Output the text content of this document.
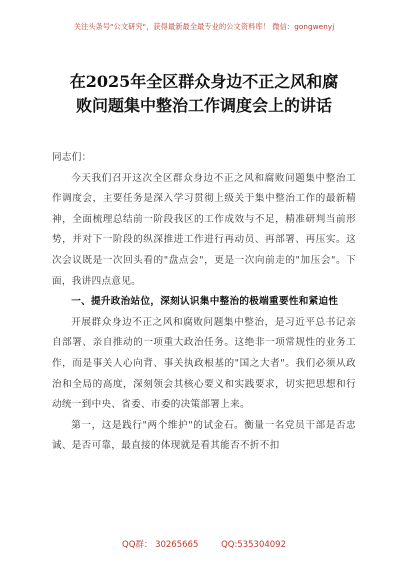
关注头条号"公文研究"，获得最新最全最专业的公文资料库！ 微信：gongwenyj
在2025年全区群众身边不正之风和腐
败问题集中整治工作调度会上的讲话

同志们：

今天我们召开这次全区群众身边不正之风和腐败问题集中整治工作调度会，主要任务是深入学习贯彻上级关于集中整治工作的最新精神，全面梳理总结前一阶段我区的工作成效与不足，精准研判当前形势，并对下一阶段的纵深推进工作进行再动员、再部署、再压实。这次会议既是一次回头看的"盘点会"，更是一次向前走的"加压会"。下面，我讲四点意见。

一、提升政治站位，深刻认识集中整治的极端重要性和紧迫性

开展群众身边不正之风和腐败问题集中整治，是习近平总书记亲自部署、亲自推动的一项重大政治任务。这绝非一项常规性的业务工作，而是事关人心向背、事关执政根基的"国之大者"。我们必须从政治和全局的高度，深刻领会其核心要义和实践要求，切实把思想和行动统一到中央、省委、市委的决策部署上来。

第一，这是践行"两个维护"的试金石。衡量一名党员干部是否忠诚、是否可靠，最直接的体现就是看其能否不折不扣

QQ群： 30265665	QQ:535304092
